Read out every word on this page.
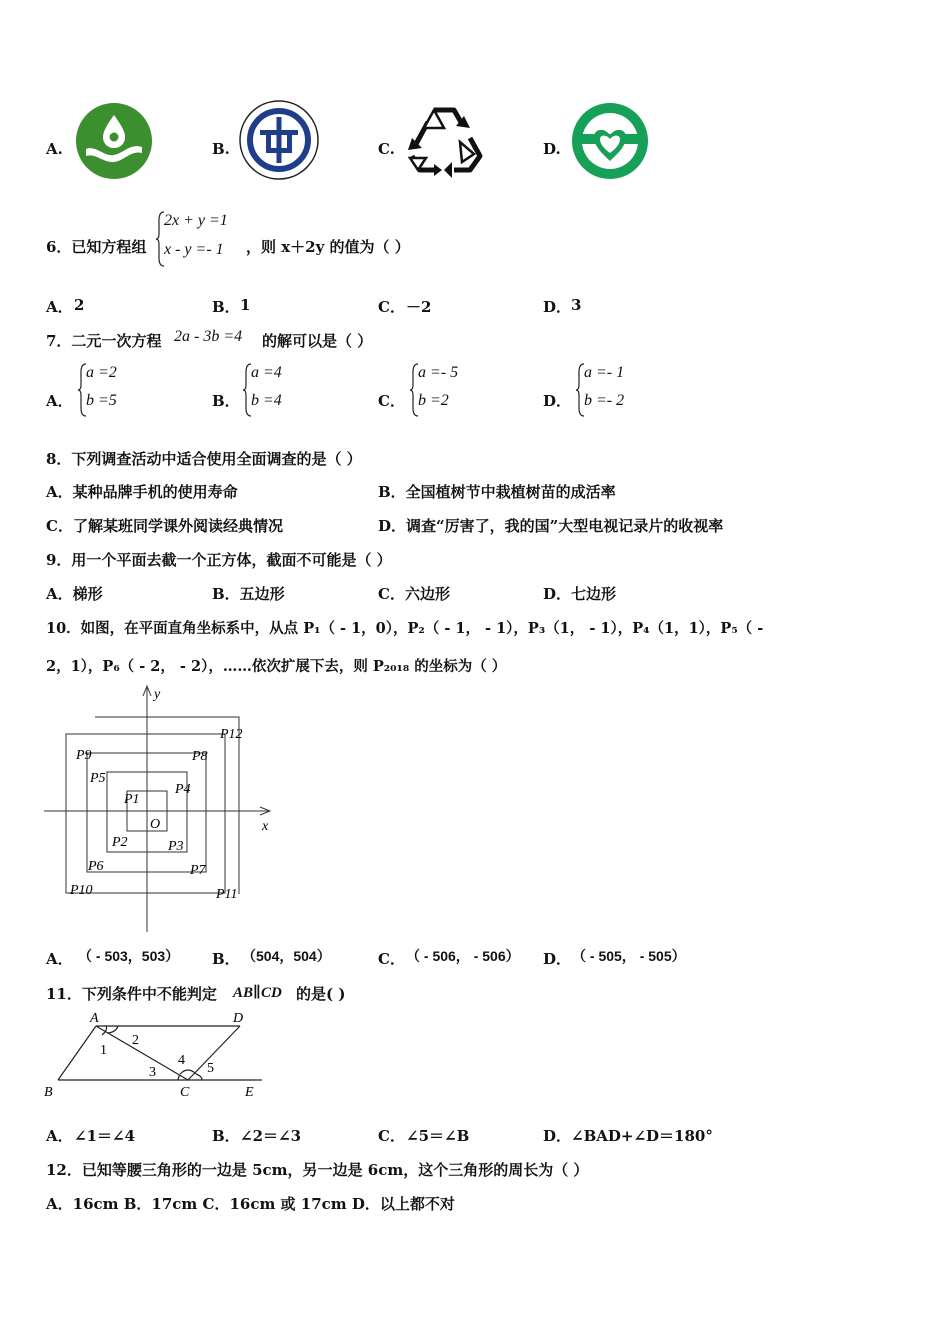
A.	B.	C.	D.
6．已知方程组
2x + y =1
x - y =- 1 ，则 x＋2y 的值为（ ）
A． 2	B． 1	C． －2	D． 3
7．二元一次方程 2a - 3b =4 的解可以是（ ）
A．
a =2
b =5	B．
a =4
b =4	C．
a =- 5
b =2	D．
a =- 1
b =- 2
8．下列调查活动中适合使用全面调查的是（ ）
A．某种品牌手机的使用寿命	B．全国植树节中栽植树苗的成活率
C．了解某班同学课外阅读经典情况	D．调查“厉害了，我的国”大型电视记录片的收视率
9．用一个平面去截一个正方体，截面不可能是（ ）
A．梯形	B．五边形	C．六边形	D．七边形
10．如图，在平面直角坐标系中，从点 P₁（ - 1，0），P₂（ - 1， - 1），P₃（1， - 1），P₄（1，1），P₅（ -
2，1），P₆（ - 2， - 2），……依次扩展下去，则 P₂₀₁₈ 的坐标为（ ）
x
y
O
P1
P2	P3
P4
P5
P6	P7
P8
P9
P10	P11
P12
A． （ - 503，503） B． （504，504）	C． （ - 506， - 506） D． （ - 505， - 505）
11．下列条件中不能判定 AB∥CD 的是( )
A	D
B	C	E
1
2
3
4
5
A． ∠1＝∠4	B． ∠2＝∠3	C． ∠5＝∠B	D． ∠BAD+∠D＝180°
12．已知等腰三角形的一边是 5cm，另一边是 6cm，这个三角形的周长为（ ）
A．16cm B．17cm C．16cm 或 17cm D．以上都不对
